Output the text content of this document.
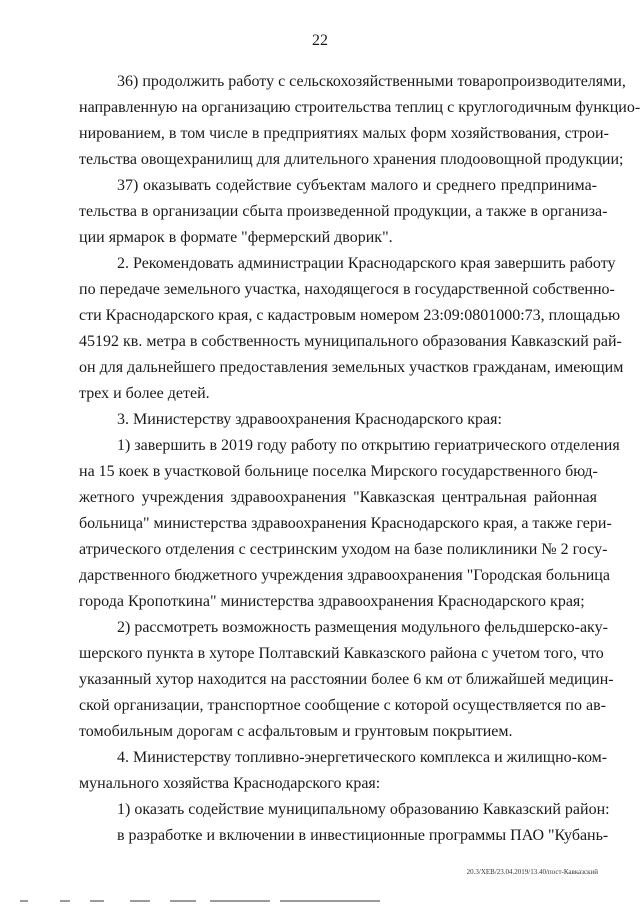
22
36) продолжить работу с сельскохозяйственными товаропроизводителями,
направленную на организацию строительства теплиц с круглогодичным функцио-
нированием, в том числе в предприятиях малых форм хозяйствования, строи-
тельства овощехранилищ для длительного хранения плодоовощной продукции;
37) оказывать содействие субъектам малого и среднего предпринима-
тельства в организации сбыта произведенной продукции, а также в организа-
ции ярмарок в формате "фермерский дворик".
2. Рекомендовать администрации Краснодарского края завершить работу
по передаче земельного участка, находящегося в государственной собственно-
сти Краснодарского края, с кадастровым номером 23:09:0801000:73, площадью
45192 кв. метра в собственность муниципального образования Кавказский рай-
он для дальнейшего предоставления земельных участков гражданам, имеющим
трех и более детей.
3. Министерству здравоохранения Краснодарского края:
1) завершить в 2019 году работу по открытию гериатрического отделения
на 15 коек в участковой больнице поселка Мирского государственного бюд-
жетного учреждения здравоохранения "Кавказская центральная районная
больница" министерства здравоохранения Краснодарского края, а также гери-
атрического отделения с сестринским уходом на базе поликлиники № 2 госу-
дарственного бюджетного учреждения здравоохранения "Городская больница
города Кропоткина" министерства здравоохранения Краснодарского края;
2) рассмотреть возможность размещения модульного фельдшерско-аку-
шерского пункта в хуторе Полтавский Кавказского района с учетом того, что
указанный хутор находится на расстоянии более 6 км от ближайшей медицин-
ской организации, транспортное сообщение с которой осуществляется по ав-
томобильным дорогам с асфальтовым и грунтовым покрытием.
4. Министерству топливно-энергетического комплекса и жилищно-ком-
мунального хозяйства Краснодарского края:
1) оказать содействие муниципальному образованию Кавказский район:
в разработке и включении в инвестиционные программы ПАО "Кубань-
20.3/ХЕВ/23.04.2019/13.40/пост-Кавказский
